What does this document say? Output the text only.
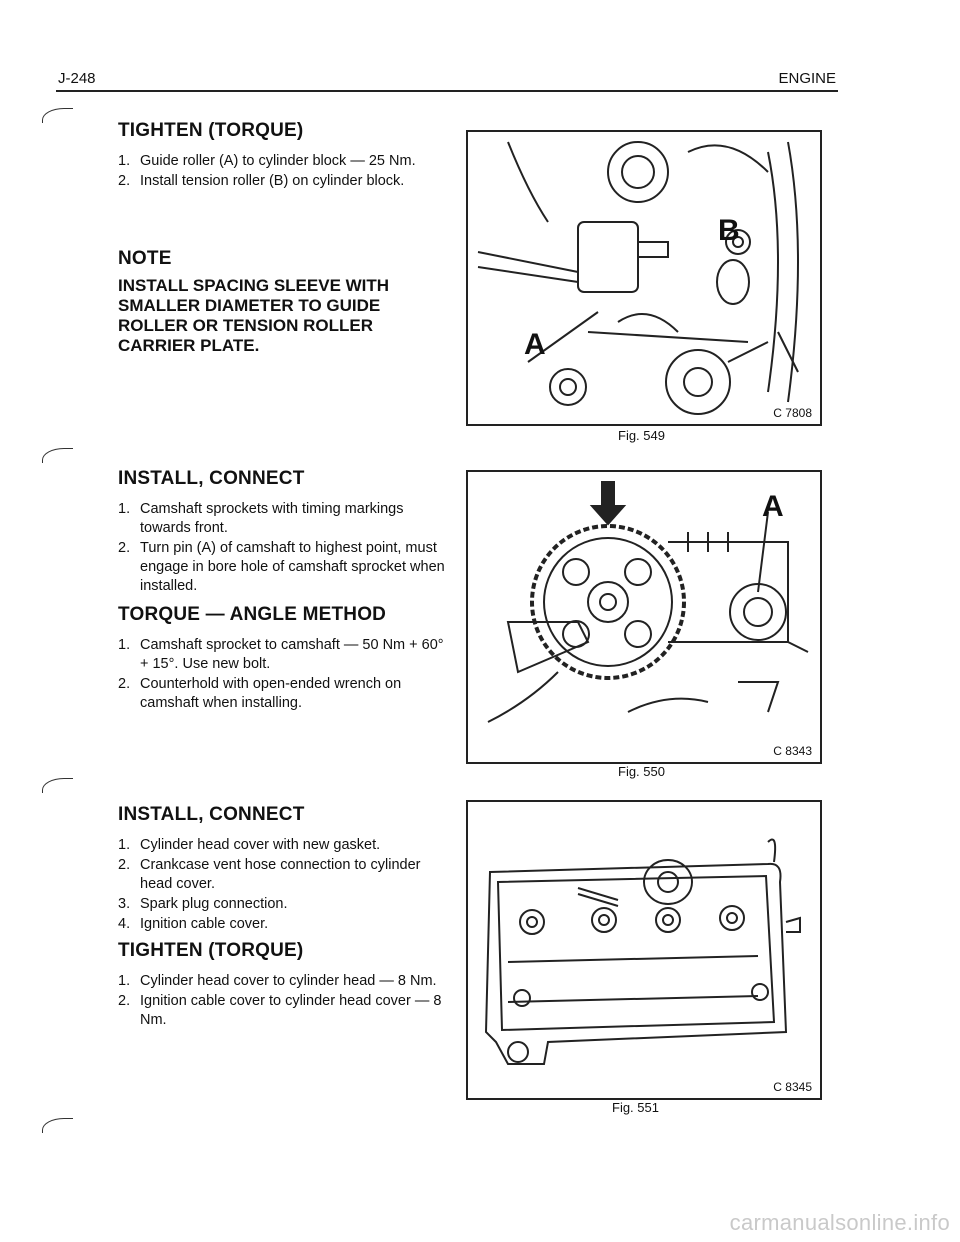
J-248	ENGINE
TIGHTEN (TORQUE)
1. Guide roller (A) to cylinder block — 25 Nm.
2. Install tension roller (B) on cylinder block.
NOTE
INSTALL SPACING SLEEVE WITH SMALLER DIAMETER TO GUIDE ROLLER OR TENSION ROLLER CARRIER PLATE.
INSTALL, CONNECT
1. Camshaft sprockets with timing markings towards front.
2. Turn pin (A) of camshaft to highest point, must engage in bore hole of camshaft sprocket when installed.
TORQUE — ANGLE METHOD
1. Camshaft sprocket to camshaft — 50 Nm + 60° + 15°. Use new bolt.
2. Counterhold with open-ended wrench on camshaft when installing.
INSTALL, CONNECT
1. Cylinder head cover with new gasket.
2. Crankcase vent hose connection to cylinder head cover.
3. Spark plug connection.
4. Ignition cable cover.
TIGHTEN (TORQUE)
1. Cylinder head cover to cylinder head — 8 Nm.
2. Ignition cable cover to cylinder head cover — 8 Nm.
B
A
C 7808
Fig. 549
A
C 8343
Fig. 550
C 8345
Fig. 551
carmanualsonline.info
